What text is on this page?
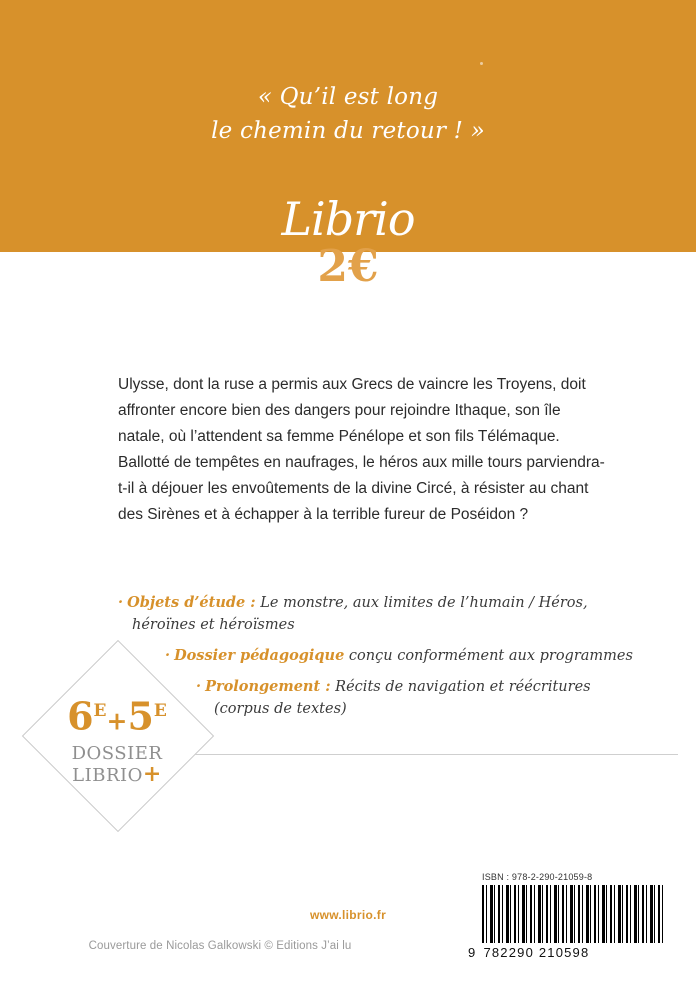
« Qu’il est long
le chemin du retour ! »
Librio
2€
Ulysse, dont la ruse a permis aux Grecs de vaincre les Troyens, doit affronter encore bien des dangers pour rejoindre Ithaque, son île natale, où l’attendent sa femme Pénélope et son fils Télémaque. Ballotté de tempêtes en naufrages, le héros aux mille tours parviendra-t-il à déjouer les envoûtements de la divine Circé, à résister au chant des Sirènes et à échapper à la terrible fureur de Poséidon ?
· Objets d’étude : Le monstre, aux limites de l’humain / Héros,
héroïnes et héroïsmes
· Dossier pédagogique conçu conformément aux programmes
· Prolongement : Récits de navigation et réécritures
(corpus de textes)
$6^E+5^E$
DOSSIER
LIBRIO+
ISBN : 978-2-290-21059-8
9 782290 210598
www.librio.fr
Couverture de Nicolas Galkowski © Editions J’ai lu
